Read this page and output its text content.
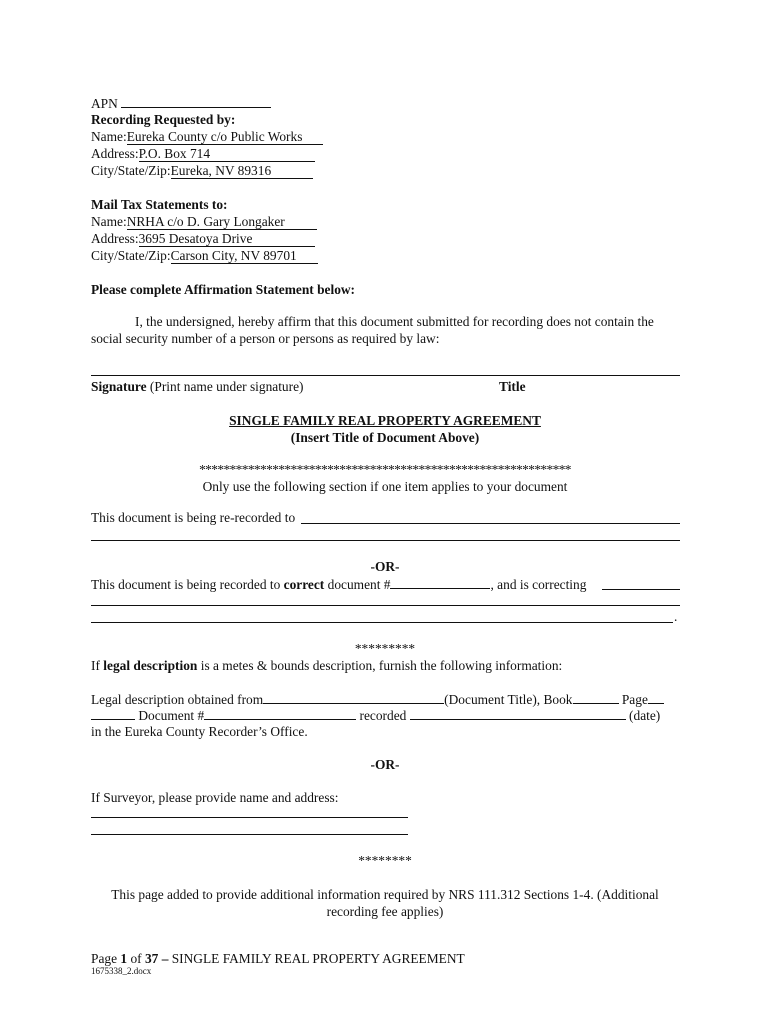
APN
Recording Requested by:
Name:Eureka County c/o Public Works
Address:P.O. Box 714
City/State/Zip:Eureka, NV 89316
Mail Tax Statements to:
Name:NRHA c/o D. Gary Longaker
Address:3695 Desatoya Drive
City/State/Zip:Carson City, NV 89701
Please complete Affirmation Statement below:
I, the undersigned, hereby affirm that this document submitted for recording does not contain the
social security number of a person or persons as required by law:
Signature (Print name under signature)	Title
SINGLE FAMILY REAL PROPERTY AGREEMENT
(Insert Title of Document Above)
*************************************************************
Only use the following section if one item applies to your document
This document is being re-recorded to
-OR-
This document is being recorded to correct document #	, and is correcting
.
*********
If legal description is a metes & bounds description, furnish the following information:
Legal description obtained from	(Document Title), Book	Page
Document #	recorded	(date)
in the Eureka County Recorder’s Office.
-OR-
If Surveyor, please provide name and address:
********
This page added to provide additional information required by NRS 111.312 Sections 1-4. (Additional
recording fee applies)
Page 1 of 37 – SINGLE FAMILY REAL PROPERTY AGREEMENT
1675338_2.docx
